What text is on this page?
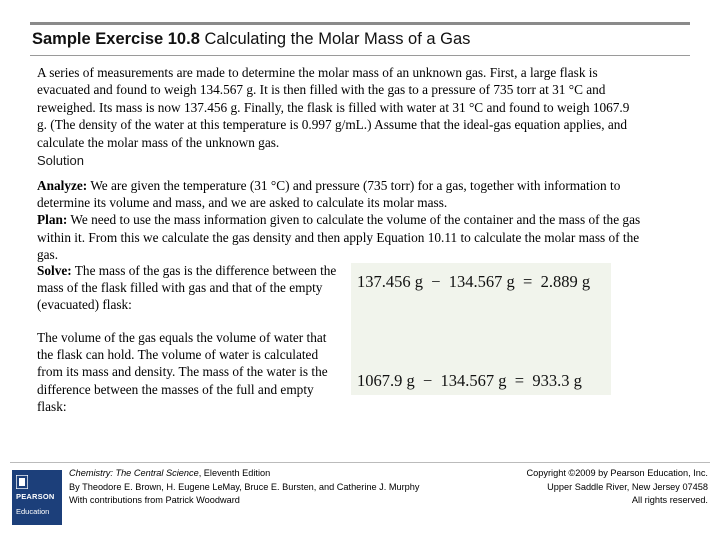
Sample Exercise 10.8 Calculating the Molar Mass of a Gas
A series of measurements are made to determine the molar mass of an unknown gas. First, a large flask is evacuated and found to weigh 134.567 g. It is then filled with the gas to a pressure of 735 torr at 31 °C and reweighed. Its mass is now 137.456 g. Finally, the flask is filled with water at 31 °C and found to weigh 1067.9 g. (The density of the water at this temperature is 0.997 g/mL.) Assume that the ideal-gas equation applies, and calculate the molar mass of the unknown gas.
Solution
Analyze: We are given the temperature (31 °C) and pressure (735 torr) for a gas, together with information to determine its volume and mass, and we are asked to calculate its molar mass.
Plan: We need to use the mass information given to calculate the volume of the container and the mass of the gas within it. From this we calculate the gas density and then apply Equation 10.11 to calculate the molar mass of the gas.
Solve: The mass of the gas is the difference between the mass of the flask filled with gas and that of the empty (evacuated) flask:
The volume of the gas equals the volume of water that the flask can hold. The volume of water is calculated from its mass and density. The mass of the water is the difference between the masses of the full and empty flask:
137.456 g  −  134.567 g  =  2.889 g
1067.9 g  −  134.567 g  =  933.3 g
PEARSON
Education
Chemistry: The Central Science, Eleventh Edition
By Theodore E. Brown, H. Eugene LeMay, Bruce E. Bursten, and Catherine J. Murphy
With contributions from Patrick Woodward
Copyright ©2009 by Pearson Education, Inc.
Upper Saddle River, New Jersey 07458
All rights reserved.
